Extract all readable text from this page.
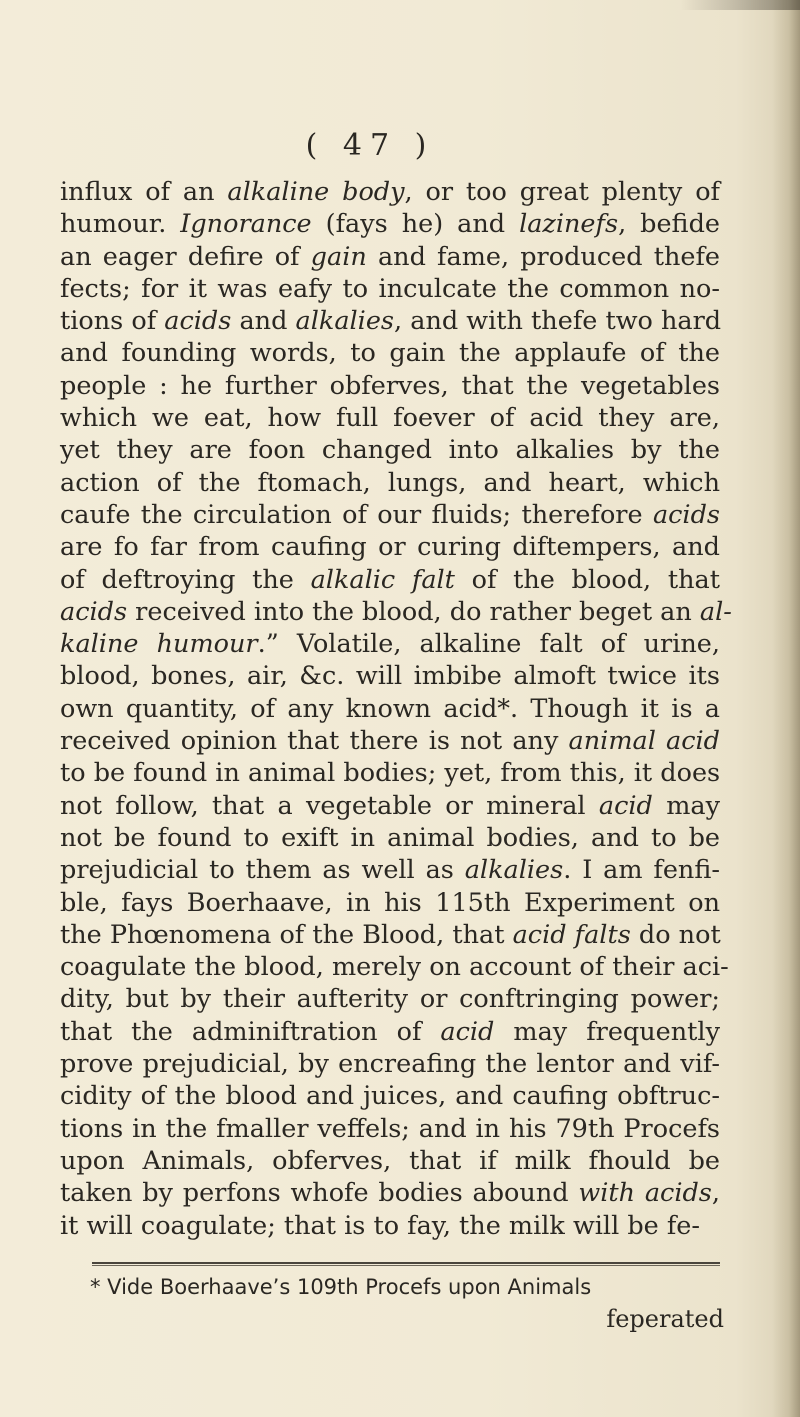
( 47 )
influx of an alkaline body, or too great plenty of
humour. Ignorance (fays he) and lazinefs, befide
an eager defire of gain and fame, produced thefe
fects; for it was eafy to inculcate the common no-
tions of acids and alkalies, and with thefe two hard
and founding words, to gain the applaufe of the
people : he further obferves, that the vegetables
which we eat, how full foever of acid they are,
yet they are foon changed into alkalies by the
action of the ftomach, lungs, and heart, which
caufe the circulation of our fluids; therefore acids
are fo far from caufing or curing diftempers, and
of deftroying the alkalic falt of the blood, that
acids received into the blood, do rather beget an al-
kaline humour.” Volatile, alkaline falt of urine,
blood, bones, air, &c. will imbibe almoft twice its
own quantity, of any known acid*. Though it is a
received opinion that there is not any animal acid
to be found in animal bodies; yet, from this, it does
not follow, that a vegetable or mineral acid may
not be found to exift in animal bodies, and to be
prejudicial to them as well as alkalies. I am fenfi-
ble, fays Boerhaave, in his 115th Experiment on
the Phœnomena of the Blood, that acid falts do not
coagulate the blood, merely on account of their aci-
dity, but by their aufterity or conftringing power;
that the adminiftration of acid may frequently
prove prejudicial, by encreafing the lentor and vif-
cidity of the blood and juices, and caufing obftruc-
tions in the fmaller veffels; and in his 79th Procefs
upon Animals, obferves, that if milk fhould be
taken by perfons whofe bodies abound with acids,
it will coagulate; that is to fay, the milk will be fe-
* Vide Boerhaave’s 109th Procefs upon Animals
feperated
